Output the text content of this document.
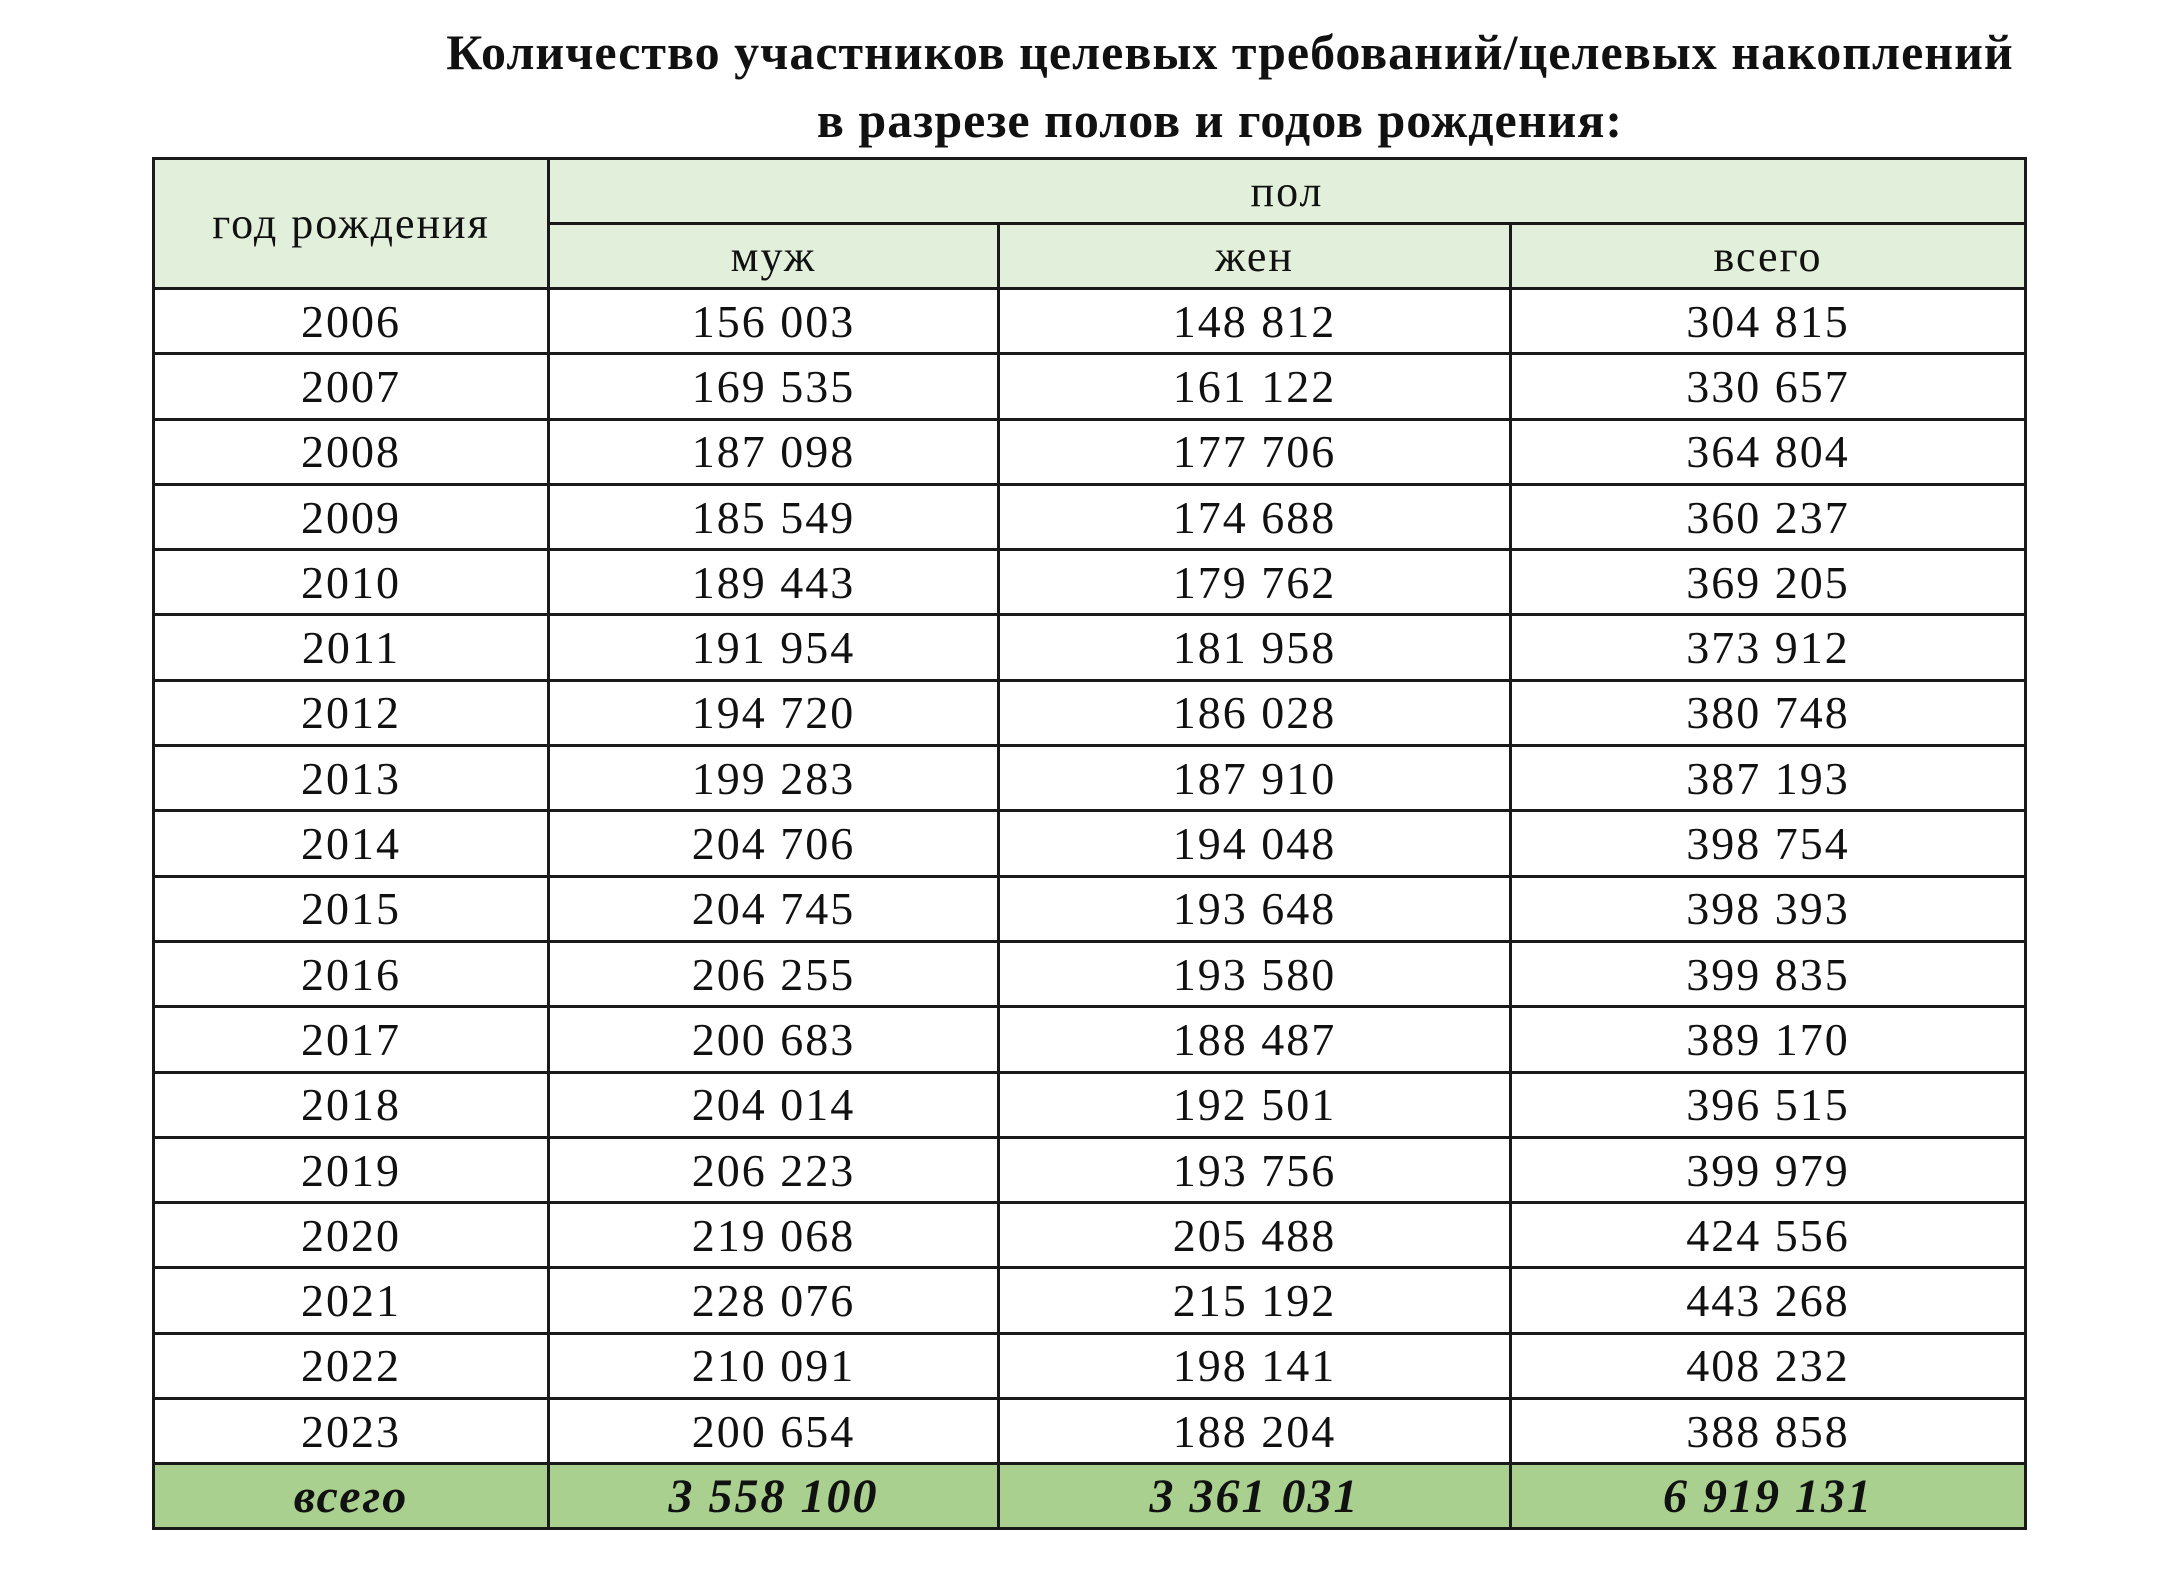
Количество участников целевых требований/целевых накоплений
в разрезе полов и годов рождения:
год рождения	пол		
	муж	жен	всего
2006	156 003	148 812	304 815
2007	169 535	161 122	330 657
2008	187 098	177 706	364 804
2009	185 549	174 688	360 237
2010	189 443	179 762	369 205
2011	191 954	181 958	373 912
2012	194 720	186 028	380 748
2013	199 283	187 910	387 193
2014	204 706	194 048	398 754
2015	204 745	193 648	398 393
2016	206 255	193 580	399 835
2017	200 683	188 487	389 170
2018	204 014	192 501	396 515
2019	206 223	193 756	399 979
2020	219 068	205 488	424 556
2021	228 076	215 192	443 268
2022	210 091	198 141	408 232
2023	200 654	188 204	388 858
всего	3 558 100	3 361 031	6 919 131
